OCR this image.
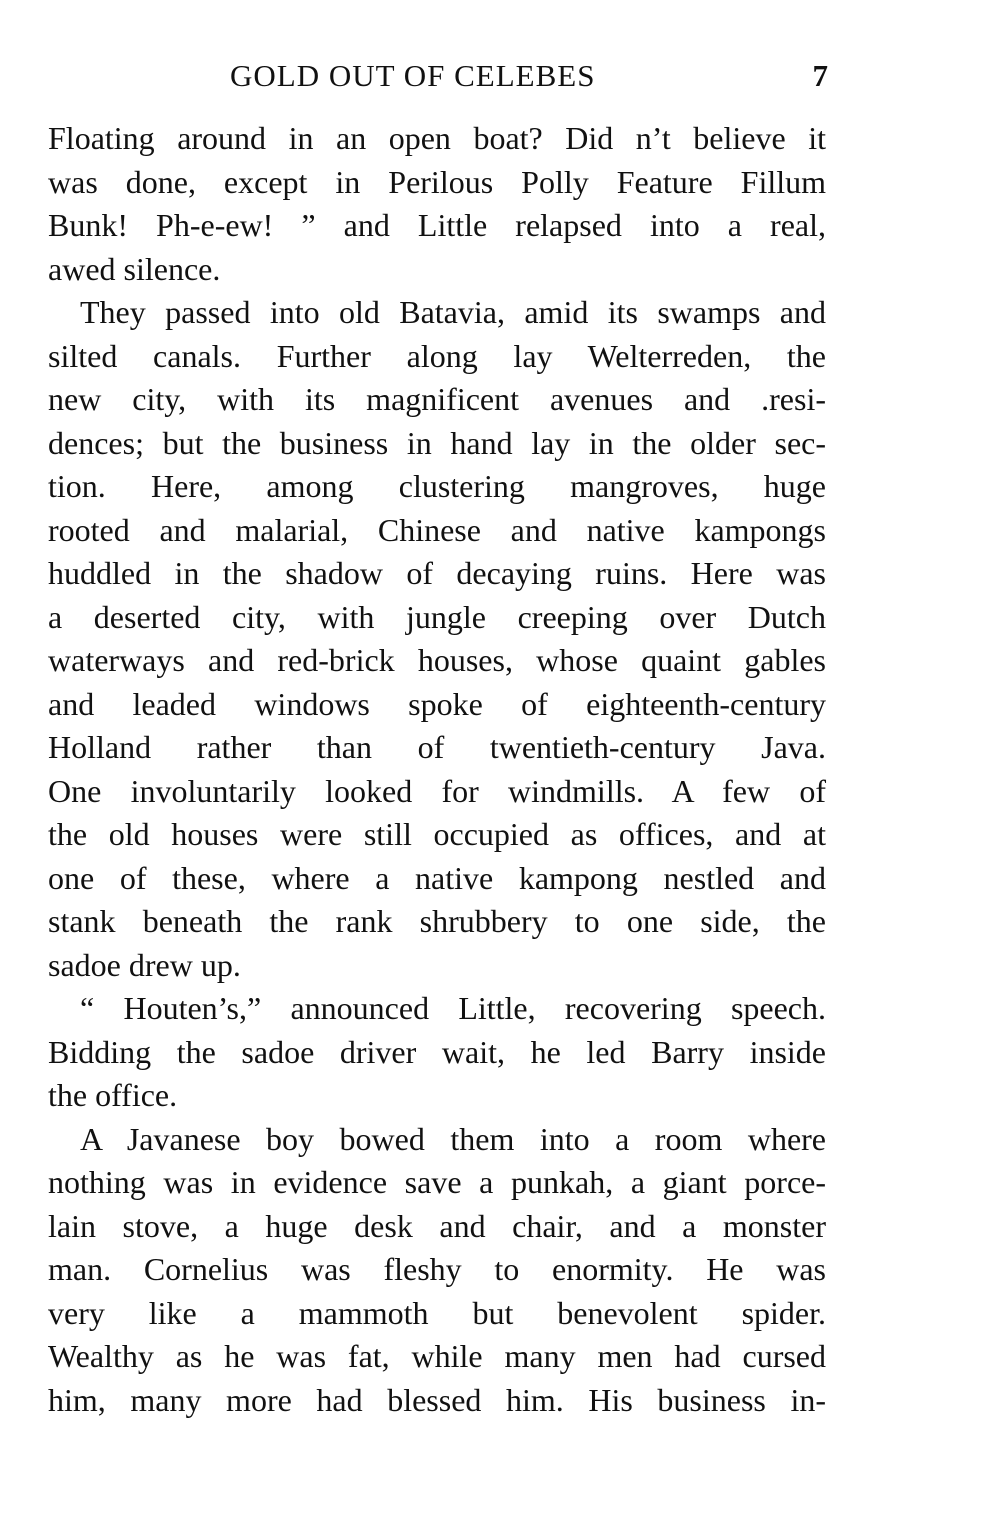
GOLD OUT OF CELEBES	7
Floating around in an open boat? Did n’t believe it
was done, except in Perilous Polly Feature Fillum
Bunk! Ph-e-ew! ” and Little relapsed into a real,
awed silence.
They passed into old Batavia, amid its swamps and
silted canals. Further along lay Welterreden, the
new city, with its magnificent avenues and .resi-
dences; but the business in hand lay in the older sec-
tion. Here, among clustering mangroves, huge
rooted and malarial, Chinese and native kampongs
huddled in the shadow of decaying ruins. Here was
a deserted city, with jungle creeping over Dutch
waterways and red-brick houses, whose quaint gables
and leaded windows spoke of eighteenth-century
Holland rather than of twentieth-century Java.
One involuntarily looked for windmills. A few of
the old houses were still occupied as offices, and at
one of these, where a native kampong nestled and
stank beneath the rank shrubbery to one side, the
sadoe drew up.
“ Houten’s,” announced Little, recovering speech.
Bidding the sadoe driver wait, he led Barry inside
the office.
A Javanese boy bowed them into a room where
nothing was in evidence save a punkah, a giant porce-
lain stove, a huge desk and chair, and a monster
man. Cornelius was fleshy to enormity. He was
very like a mammoth but benevolent spider.
Wealthy as he was fat, while many men had cursed
him, many more had blessed him. His business in-
